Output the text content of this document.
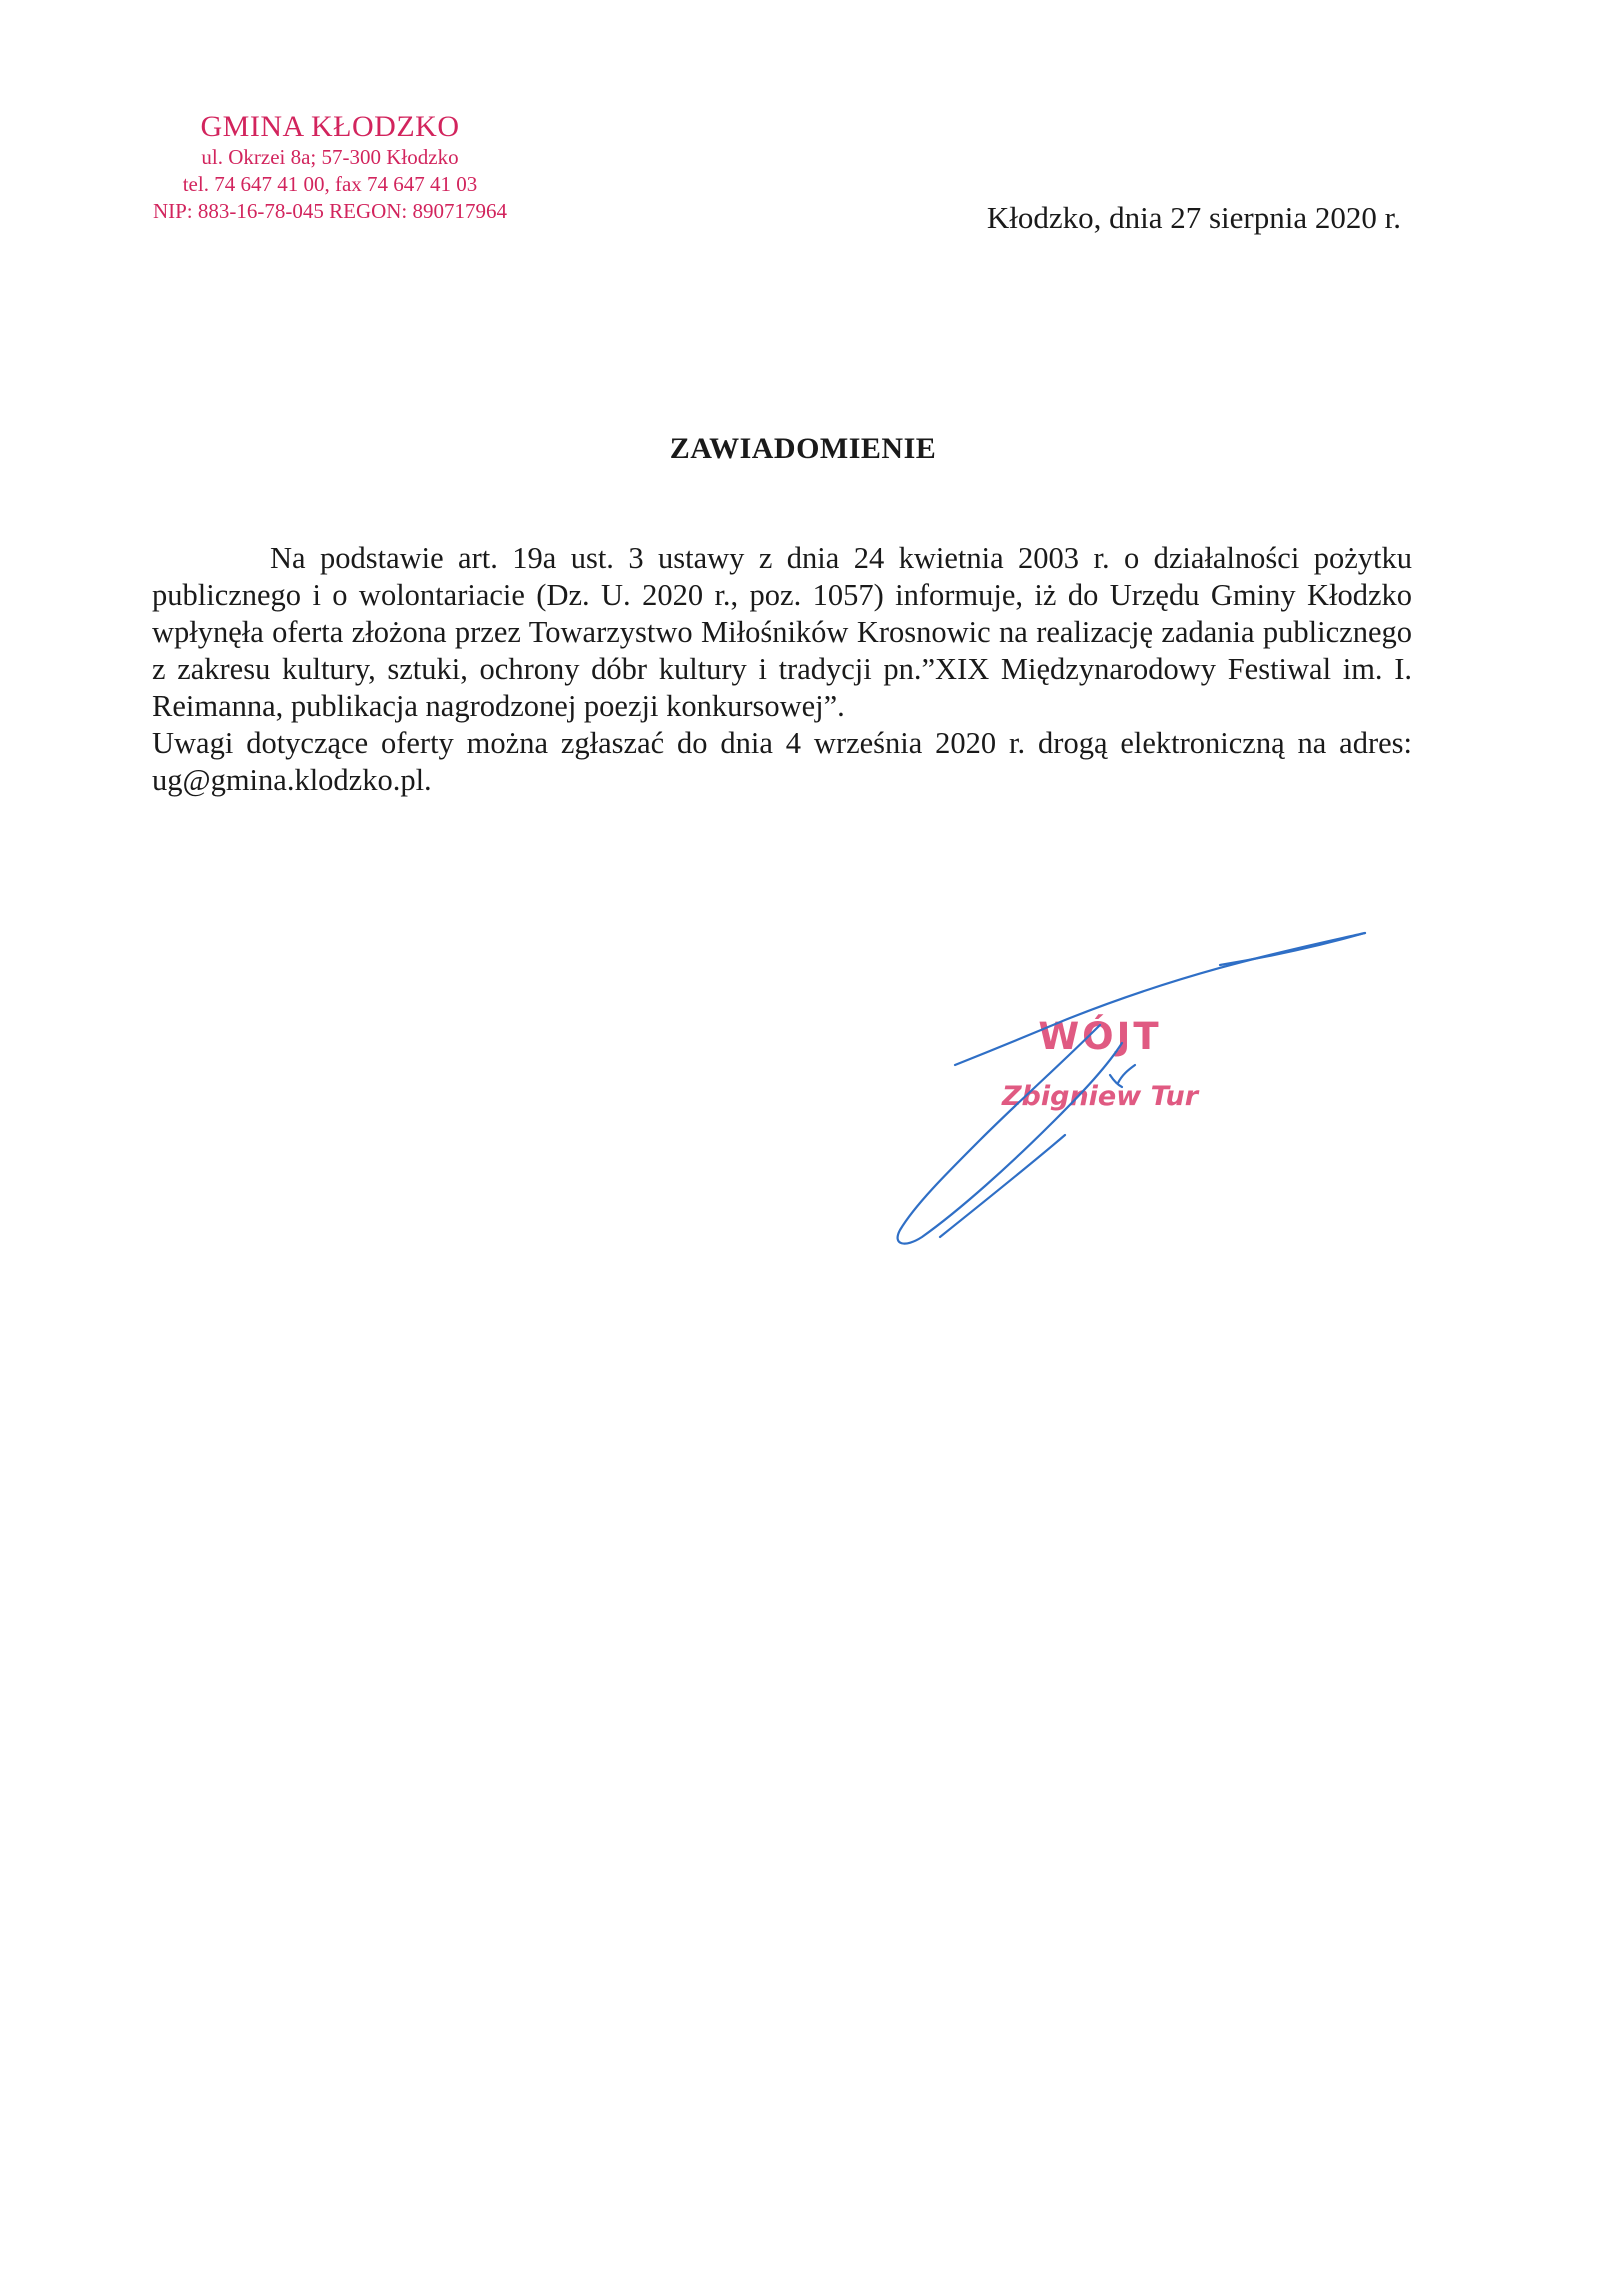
GMINA KŁODZKO
ul. Okrzei 8a; 57-300 Kłodzko
tel. 74 647 41 00, fax 74 647 41 03
NIP: 883-16-78-045 REGON: 890717964	Kłodzko, dnia 27 sierpnia 2020 r.
ZAWIADOMIENIE

Na podstawie art. 19a ust. 3 ustawy z dnia 24 kwietnia 2003 r. o działalności pożytku publicznego i o wolontariacie (Dz. U. 2020 r., poz. 1057) informuje, iż do Urzędu Gminy Kłodzko wpłynęła oferta złożona przez Towarzystwo Miłośników Krosnowic na realizację zadania publicznego z zakresu kultury, sztuki, ochrony dóbr kultury i tradycji pn.”XIX Międzynarodowy Festiwal im. I. Reimanna, publikacja nagrodzonej poezji konkursowej”.

Uwagi dotyczące oferty można zgłaszać do dnia 4 września 2020 r. drogą elektroniczną na adres: ug@gmina.klodzko.pl.

WÓJT
Zbigniew Tur
